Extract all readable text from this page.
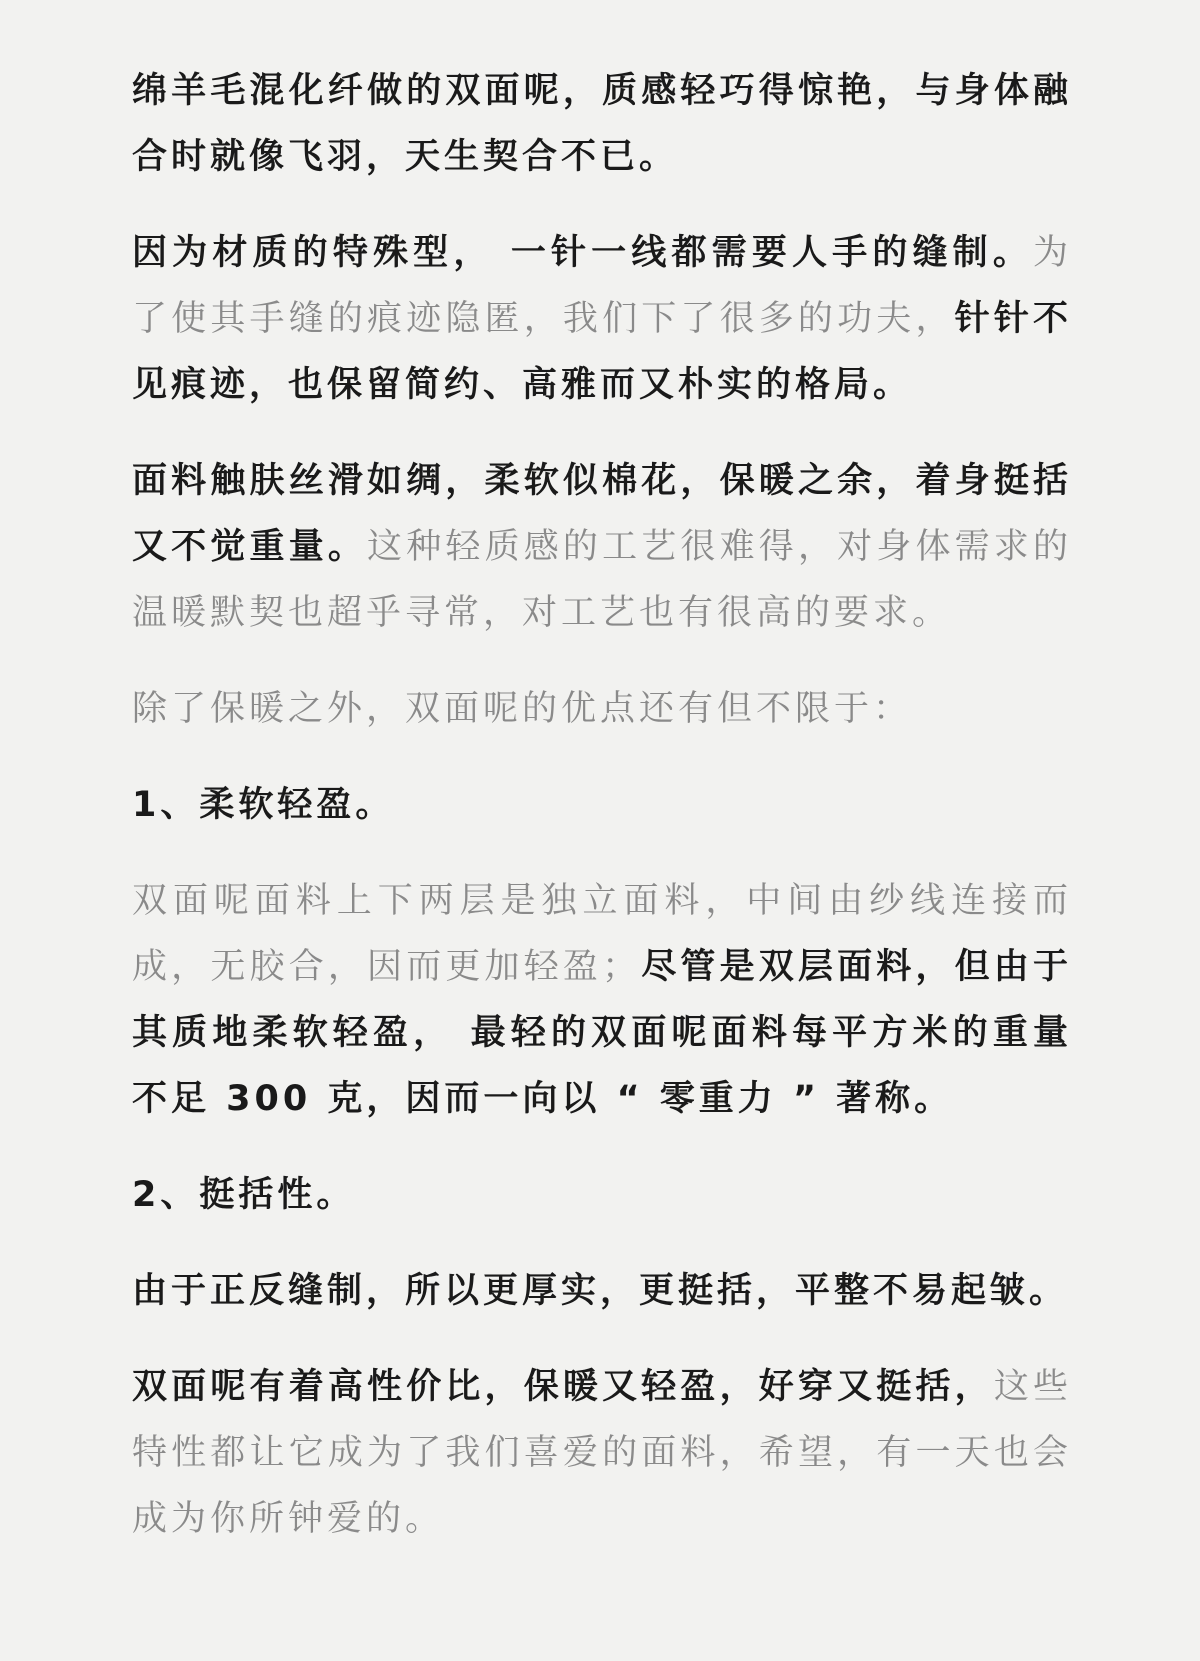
绵羊毛混化纤做的双面呢，质感轻巧得惊艳，与身体融合时就像飞羽，天生契合不已。

因为材质的特殊型， 一针一线都需要人手的缝制。为了使其手缝的痕迹隐匿，我们下了很多的功夫，针针不见痕迹，也保留简约、高雅而又朴实的格局。

面料触肤丝滑如绸，柔软似棉花，保暖之余，着身挺括又不觉重量。这种轻质感的工艺很难得，对身体需求的温暖默契也超乎寻常，对工艺也有很高的要求。

除了保暖之外，双面呢的优点还有但不限于：

1、柔软轻盈。

双面呢面料上下两层是独立面料，中间由纱线连接而成，无胶合，因而更加轻盈；尽管是双层面料，但由于其质地柔软轻盈， 最轻的双面呢面料每平方米的重量不足 300 克，因而一向以 “ 零重力 ” 著称。

2、挺括性。

由于正反缝制，所以更厚实，更挺括，平整不易起皱。

双面呢有着高性价比，保暖又轻盈，好穿又挺括，这些特性都让它成为了我们喜爱的面料，希望，有一天也会成为你所钟爱的。
